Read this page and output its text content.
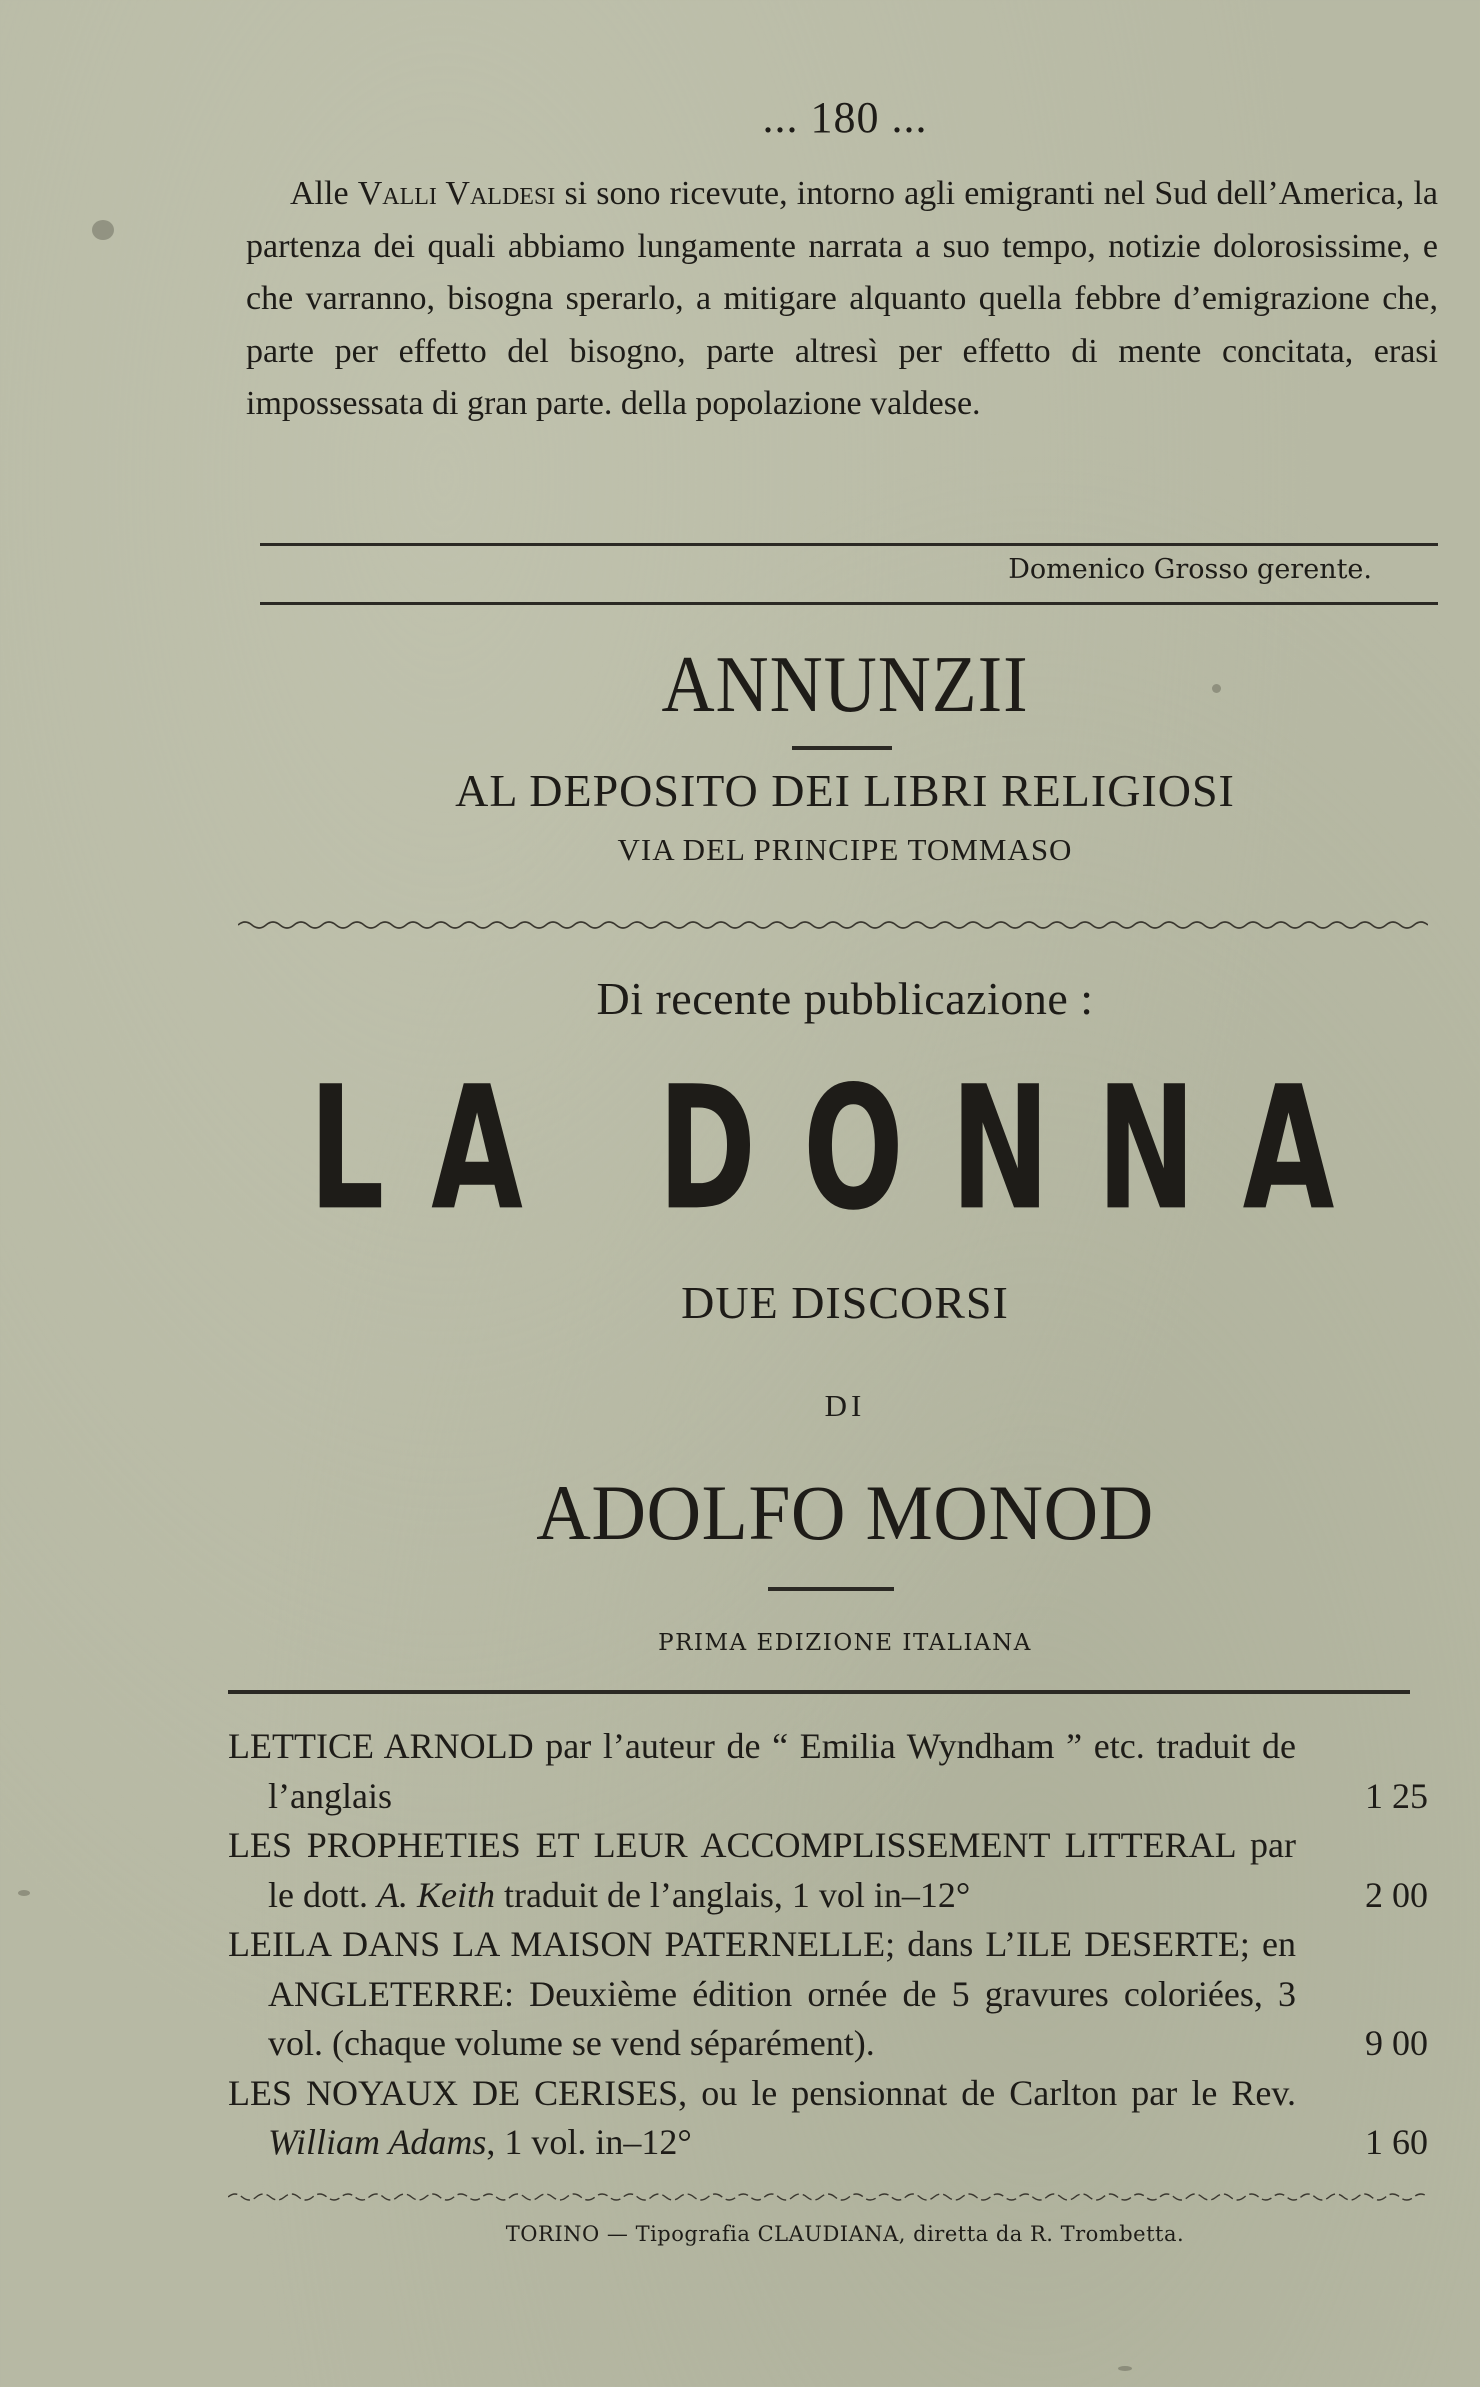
... 180 ...

Alle Valli Valdesi si sono ricevute, intorno agli emigranti nel Sud dell’America, la partenza dei quali abbiamo lungamente narrata a suo tempo, notizie dolorosissime, e che varranno, bisogna sperarlo, a mitigare alquanto quella febbre d’emigrazione che, parte per effetto del bisogno, parte altresì per effetto di mente concitata, erasi impossessata di gran parte. della popolazione valdese.

Domenico Grosso gerente.
ANNUNZII
AL DEPOSITO DEI LIBRI RELIGIOSI
VIA DEL PRINCIPE TOMMASO
Di recente pubblicazione :
LA DONNA
DUE DISCORSI
DI
ADOLFO MONOD
PRIMA EDIZIONE ITALIANA
LETTICE ARNOLD par l’auteur de “ Emilia Wyndham ” etc. traduit de l’anglais	1 25
LES PROPHETIES ET LEUR ACCOMPLISSEMENT LITTERAL par le dott. A. Keith traduit de l’anglais, 1 vol in–12°	2 00
LEILA DANS LA MAISON PATERNELLE; dans L’ILE DESERTE; en ANGLETERRE: Deuxième édition ornée de 5 gravures coloriées, 3 vol. (chaque volume se vend séparément).	9 00
LES NOYAUX DE CERISES, ou le pensionnat de Carlton par le Rev. William Adams, 1 vol. in–12°	1 60
TORINO — Tipografia CLAUDIANA, diretta da R. Trombetta.
